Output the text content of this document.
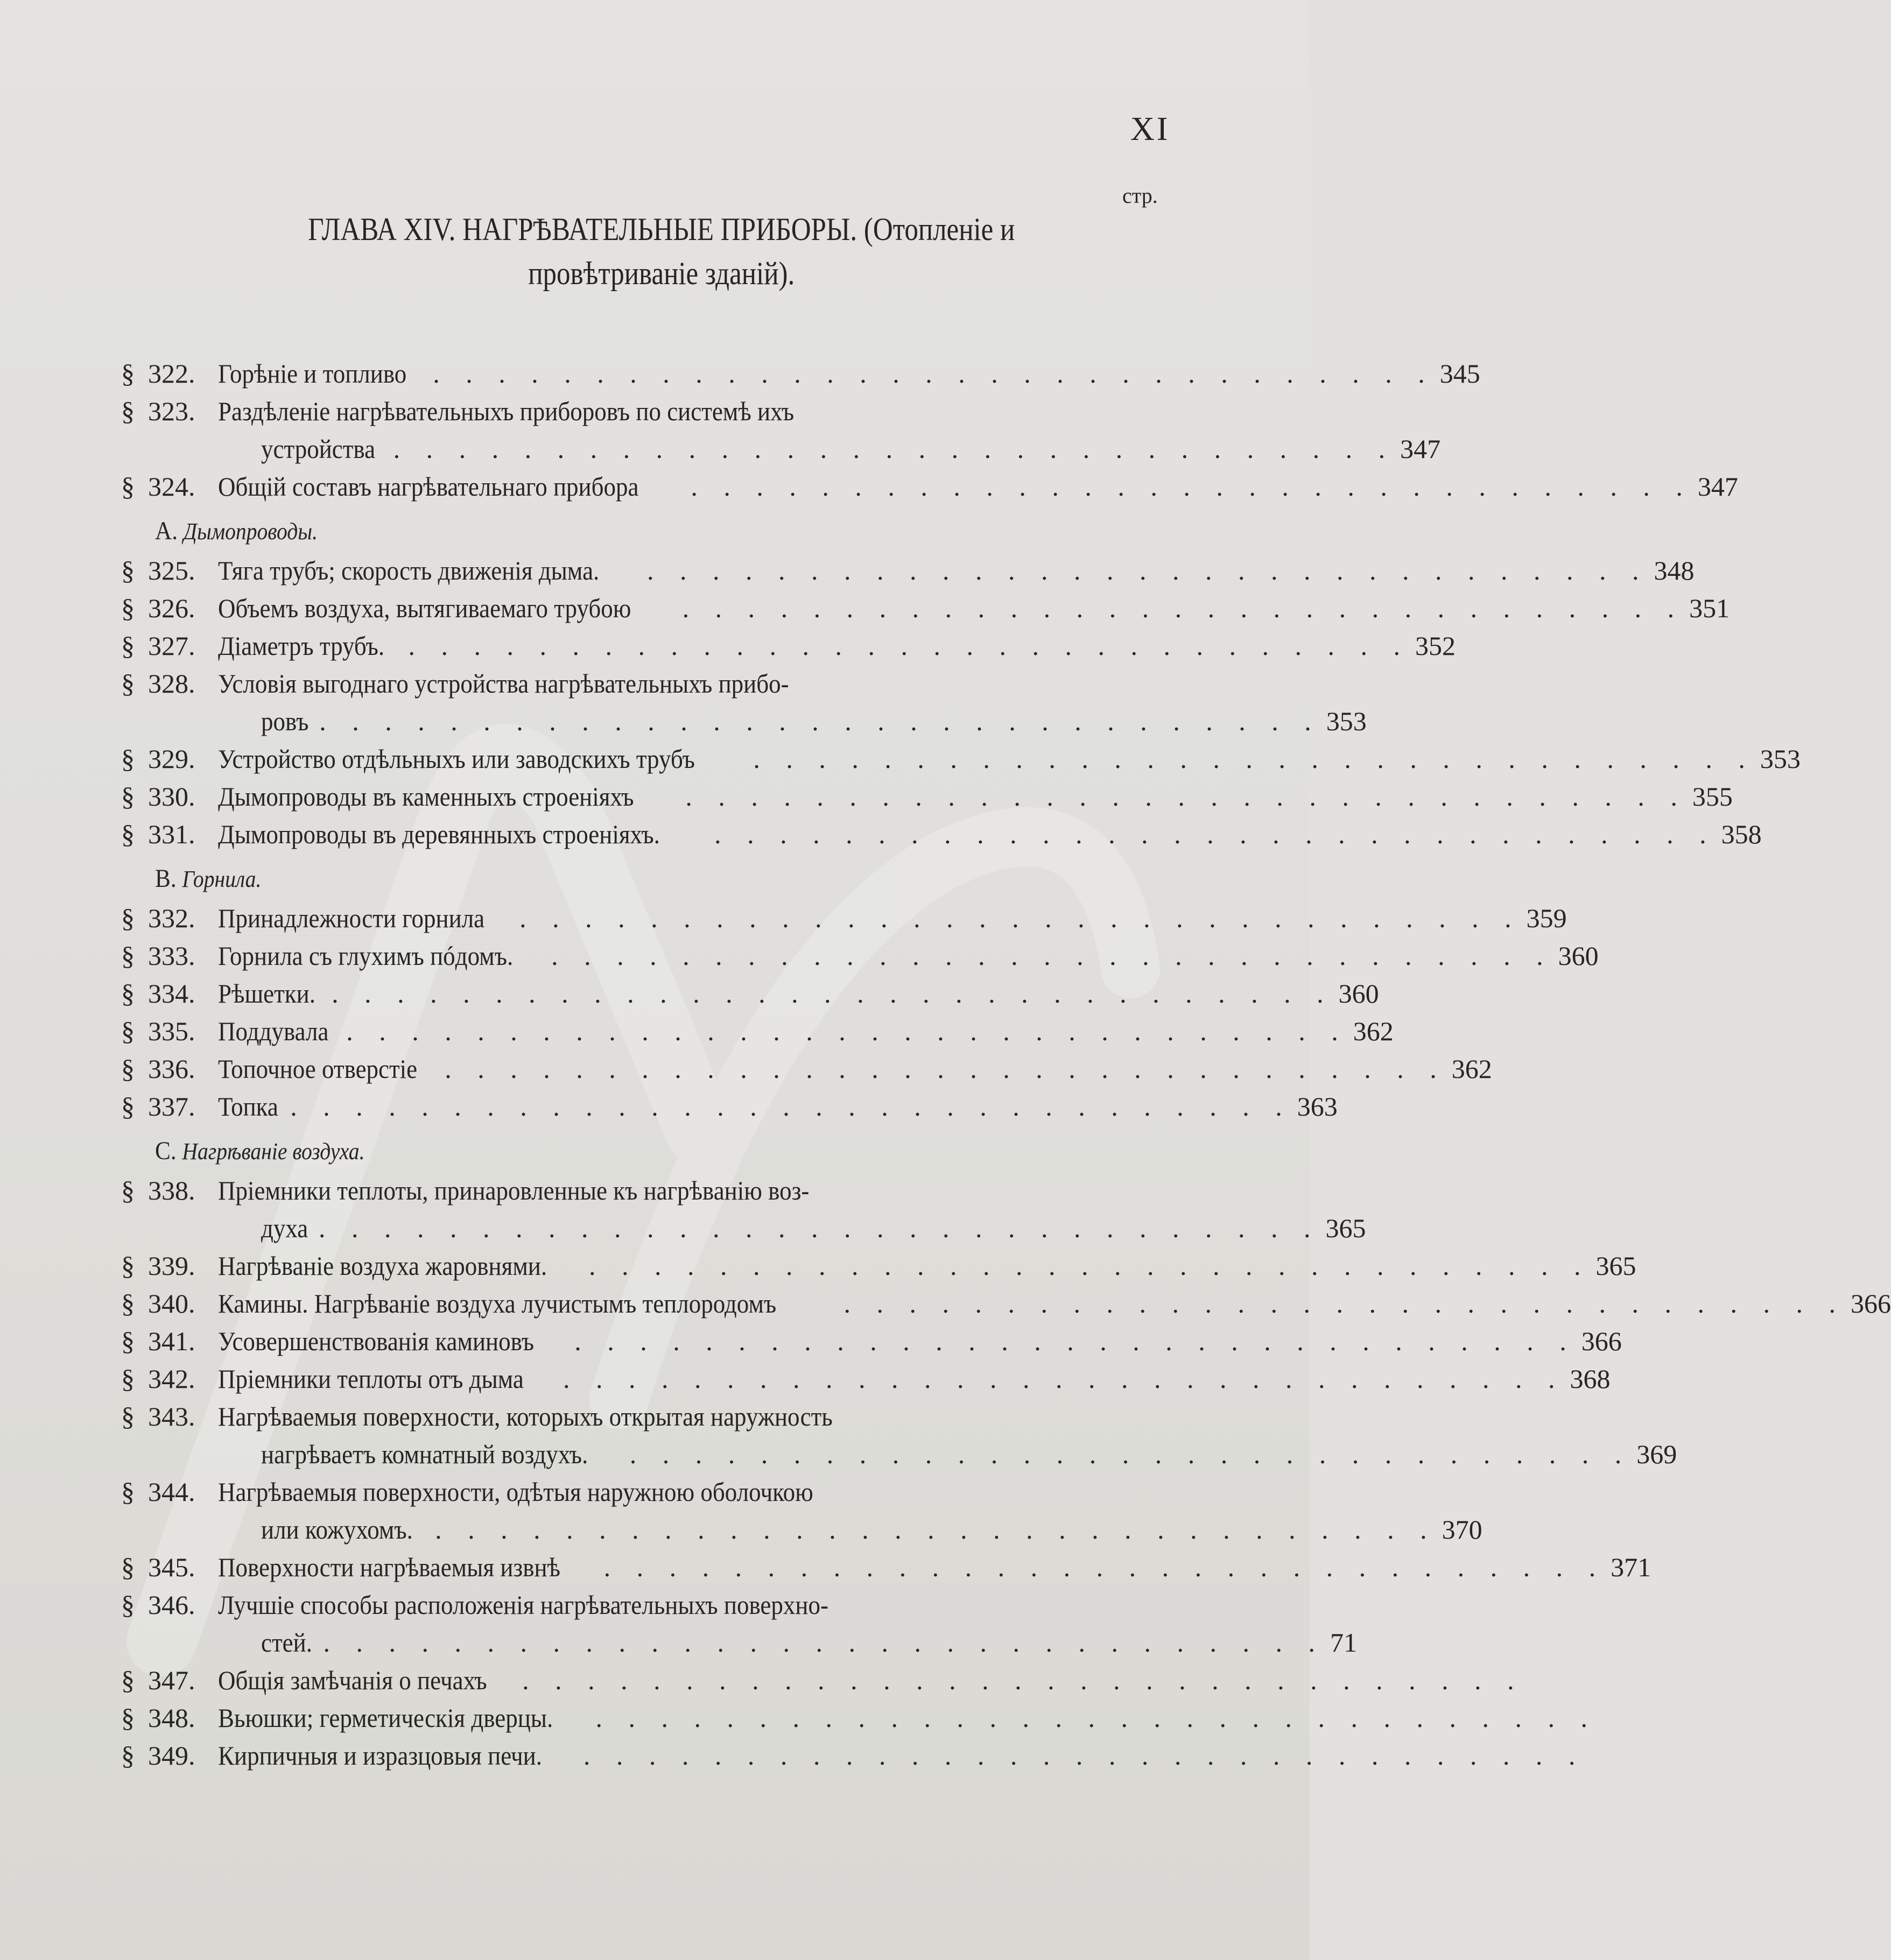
XI
стр.
ГЛАВА XIV. НАГРѢВАТЕЛЬНЫЕ ПРИБОРЫ. (Отопленіе и
провѣтриваніе зданій).
§ 322. Горѣніе и топливо . . . . . . . . . . . . . . . . . . . . . . . . . . . . . . . 345
§ 323. Раздѣленіе нагрѣвательныхъ приборовъ по системѣ ихъ
устройства . . . . . . . . . . . . . . . . . . . . . . . . . . . . . . . 347
§ 324. Общій составъ нагрѣвательнаго прибора . . . . . . . . . . . . . . . . . . . . . . . . . . . . . . . 347
A. Дымопроводы.
§ 325. Тяга трубъ; скорость движенія дыма. . . . . . . . . . . . . . . . . . . . . . . . . . . . . . . . 348
§ 326. Объемъ воздуха, вытягиваемаго трубою . . . . . . . . . . . . . . . . . . . . . . . . . . . . . . . 351
§ 327. Діаметръ трубъ. . . . . . . . . . . . . . . . . . . . . . . . . . . . . . . . 352
§ 328. Условія выгоднаго устройства нагрѣвательныхъ прибо-
ровъ . . . . . . . . . . . . . . . . . . . . . . . . . . . . . . . 353
§ 329. Устройство отдѣльныхъ или заводскихъ трубъ . . . . . . . . . . . . . . . . . . . . . . . . . . . . . . . 353
§ 330. Дымопроводы въ каменныхъ строеніяхъ . . . . . . . . . . . . . . . . . . . . . . . . . . . . . . . 355
§ 331. Дымопроводы въ деревянныхъ строеніяхъ. . . . . . . . . . . . . . . . . . . . . . . . . . . . . . . . 358
B. Горнила.
§ 332. Принадлежности горнила . . . . . . . . . . . . . . . . . . . . . . . . . . . . . . . 359
§ 333. Горнила съ глухимъ пóдомъ. . . . . . . . . . . . . . . . . . . . . . . . . . . . . . . . 360
§ 334. Рѣшетки. . . . . . . . . . . . . . . . . . . . . . . . . . . . . . . . 360
§ 335. Поддувала . . . . . . . . . . . . . . . . . . . . . . . . . . . . . . . 362
§ 336. Топочное отверстіе . . . . . . . . . . . . . . . . . . . . . . . . . . . . . . . 362
§ 337. Топка . . . . . . . . . . . . . . . . . . . . . . . . . . . . . . . 363
C. Нагрѣваніе воздуха.
§ 338. Пріемники теплоты, принаровленные къ нагрѣванію воз-
духа . . . . . . . . . . . . . . . . . . . . . . . . . . . . . . . 365
§ 339. Нагрѣваніе воздуха жаровнями. . . . . . . . . . . . . . . . . . . . . . . . . . . . . . . . 365
§ 340. Камины. Нагрѣваніе воздуха лучистымъ теплородомъ	. . . . . . . . . . . . . . . . . . . . . . . . . . . . . . . 366
§ 341. Усовершенствованія каминовъ . . . . . . . . . . . . . . . . . . . . . . . . . . . . . . . 366
§ 342. Пріемники теплоты отъ дыма . . . . . . . . . . . . . . . . . . . . . . . . . . . . . . . 368
§ 343. Нагрѣваемыя поверхности, которыхъ открытая наружность
нагрѣваетъ комнатный воздухъ. . . . . . . . . . . . . . . . . . . . . . . . . . . . . . . . 369
§ 344. Нагрѣваемыя поверхности, одѣтыя наружною оболочкою
или кожухомъ. . . . . . . . . . . . . . . . . . . . . . . . . . . . . . . . 370
§ 345. Поверхности нагрѣваемыя извнѣ . . . . . . . . . . . . . . . . . . . . . . . . . . . . . . . 371
§ 346. Лучшіе способы расположенія нагрѣвательныхъ поверхно-
стей. . . . . . . . . . . . . . . . . . . . . . . . . . . . . . . . 71
§ 347. Общія замѣчанія о печахъ . . . . . . . . . . . . . . . . . . . . . . . . . . . . . . .
§ 348. Вьюшки; герметическія дверцы. . . . . . . . . . . . . . . . . . . . . . . . . . . . . . . .
§ 349. Кирпичныя и изразцовыя печи. . . . . . . . . . . . . . . . . . . . . . . . . . . . . . . .
